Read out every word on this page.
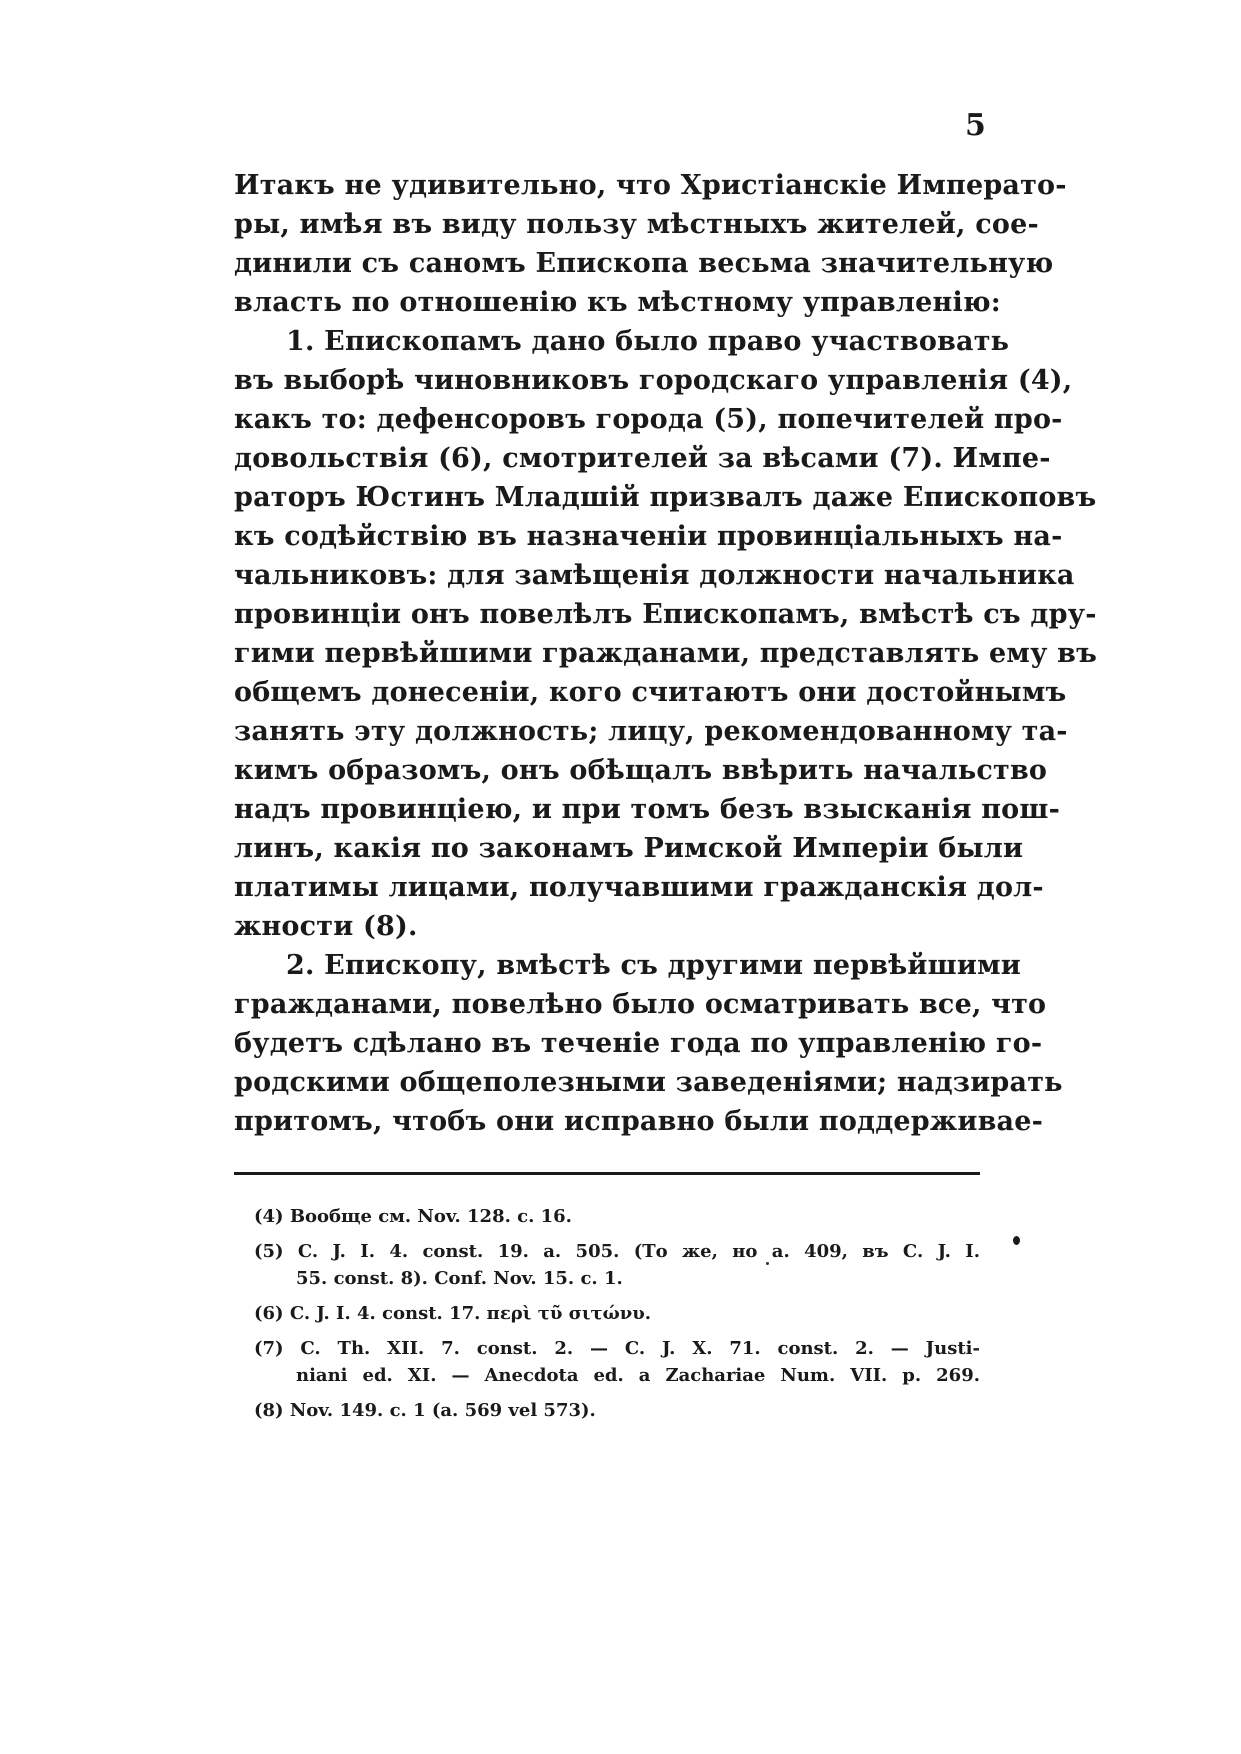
5
Итакъ не удивительно, что Христіанскіе Императо-
ры, имѣя въ виду пользу мѣстныхъ жителей, сое-
динили съ саномъ Епископа весьма значительную
власть по отношенію къ мѣстному управленію:
1. Епископамъ дано было право участвовать
въ выборѣ чиновниковъ городскаго управленія (4),
какъ то: дефенсоровъ города (5), попечителей про-
довольствія (6), смотрителей за вѣсами (7). Импе-
раторъ Юстинъ Младшій призвалъ даже Епископовъ
къ содѣйствію въ назначеніи провинціальныхъ на-
чальниковъ: для замѣщенія должности начальника
провинціи онъ повелѣлъ Епископамъ, вмѣстѣ съ дру-
гими первѣйшими гражданами, представлять ему въ
общемъ донесеніи, кого считаютъ они достойнымъ
занять эту должность; лицу, рекомендованному та-
кимъ образомъ, онъ обѣщалъ ввѣрить начальство
надъ провинціею, и при томъ безъ взысканія пош-
линъ, какія по законамъ Римской Имперіи были
платимы лицами, получавшими гражданскія дол-
жности (8).
2. Епископу, вмѣстѣ съ другими первѣйшими
гражданами, повелѣно было осматривать все, что
будетъ сдѣлано въ теченіе года по управленію го-
родскими общеполезными заведеніями; надзирать
притомъ, чтобъ они исправно были поддерживае-
(4) Вообще см. Nov. 128. c. 16.
(5) C. J. I. 4. const. 19. a. 505. (То же, но a. 409, въ C. J. I.
55. const. 8). Conf. Nov. 15. c. 1.
(6) C. J. I. 4. const. 17. περὶ τῦ σιτώνυ.
(7) C. Th. XII. 7. const. 2. — C. J. X. 71. const. 2. — Justi-
niani ed. XI. — Anecdota ed. a Zachariae Num. VII. p. 269.
(8) Nov. 149. c. 1 (a. 569 vel 573).
